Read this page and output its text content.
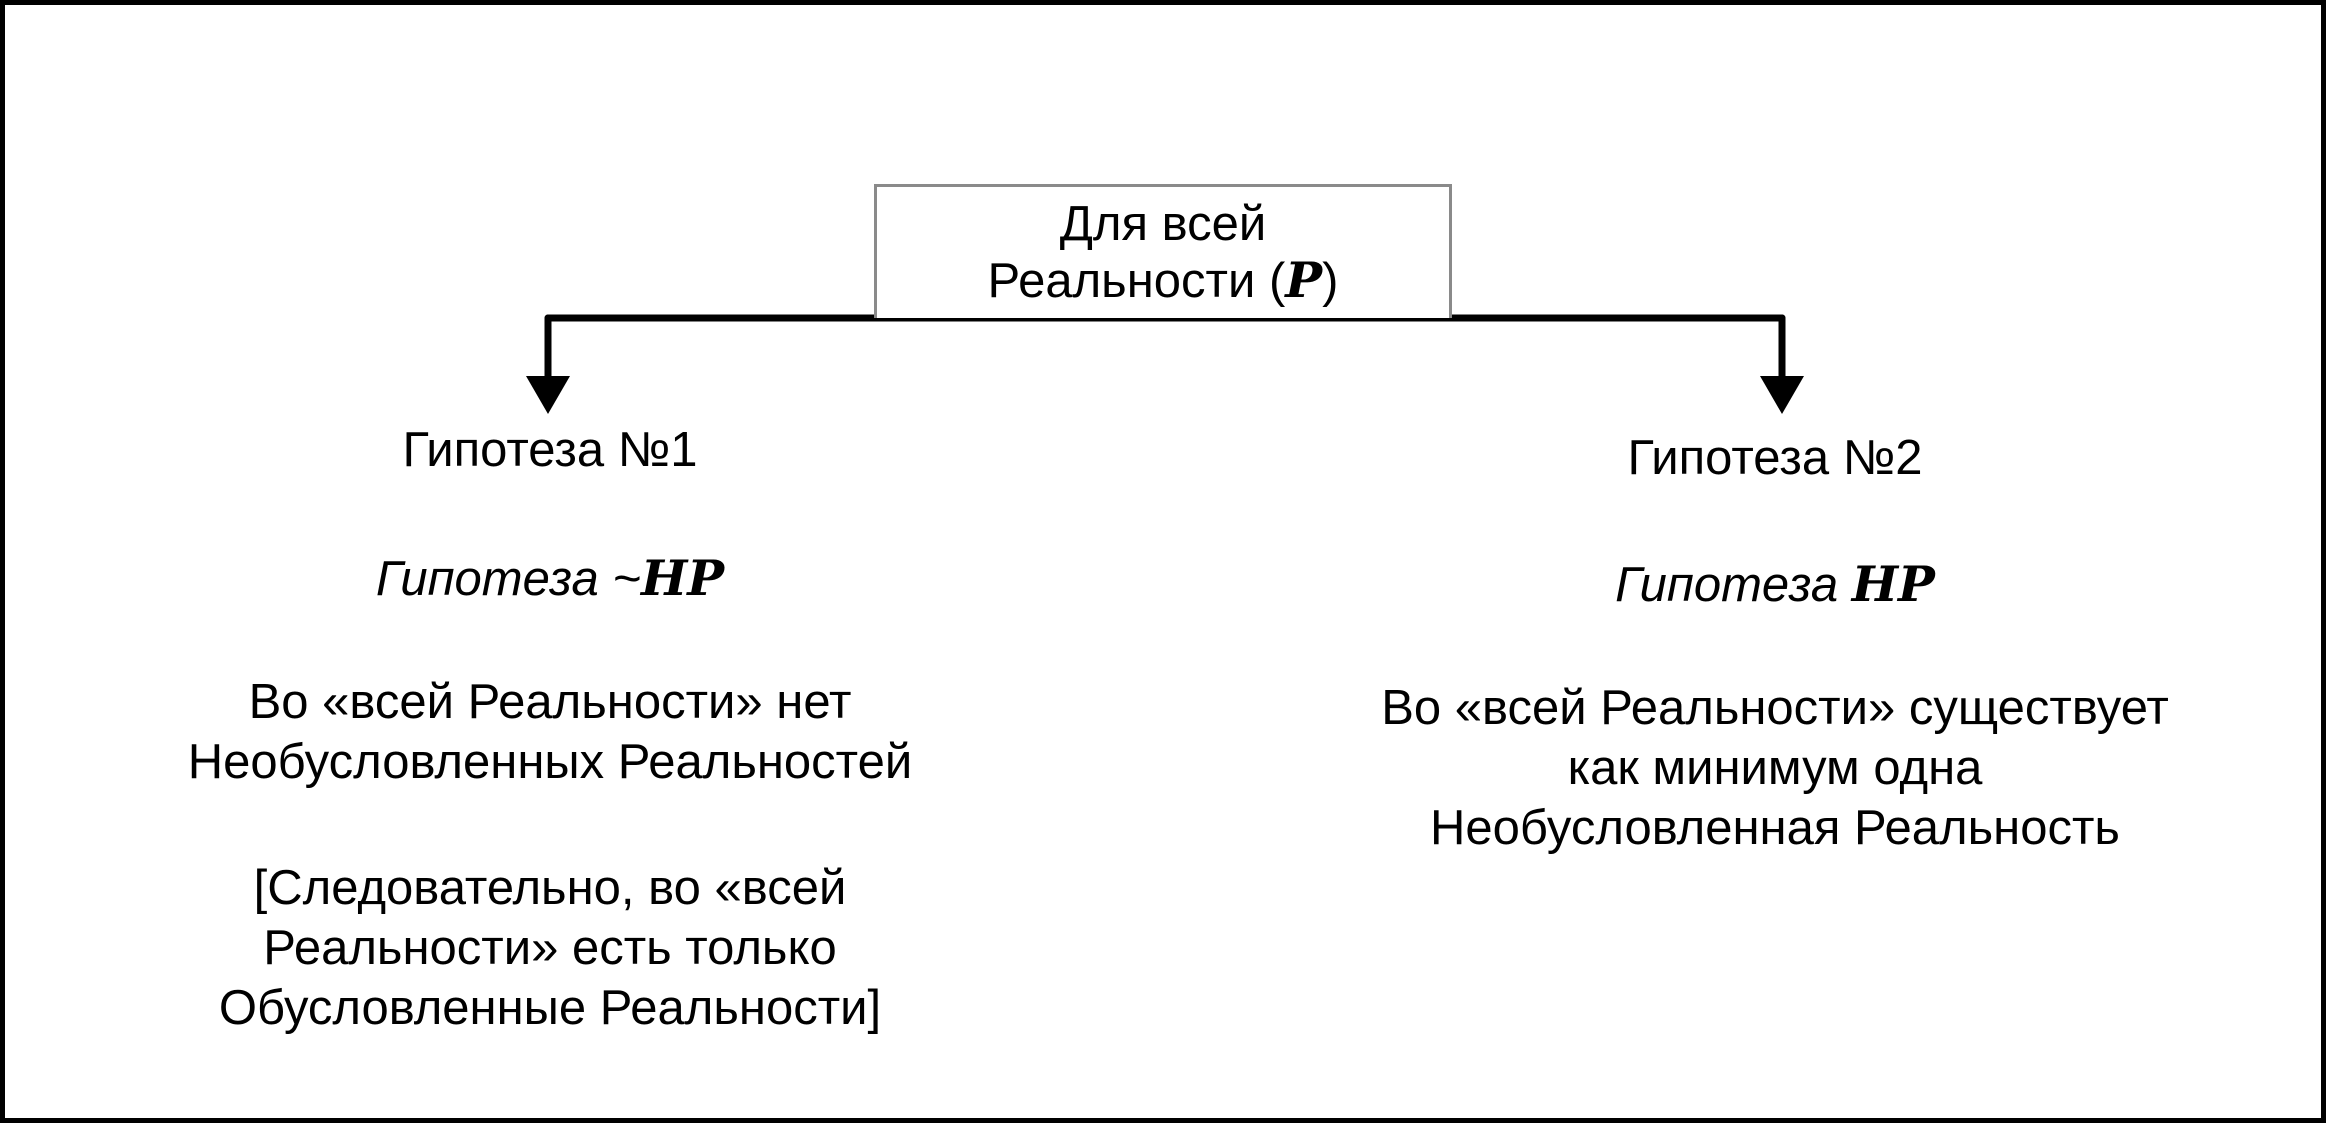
Для всей
Реальности (P)
Гипотеза №1
Гипотеза ~HP
Во «всей Реальности» нет
Необусловленных Реальностей
[Следовательно, во «всей
Реальности» есть только
Обусловленные Реальности]
Гипотеза №2
Гипотеза HP
Во «всей Реальности» существует
как минимум одна
Необусловленная Реальность
